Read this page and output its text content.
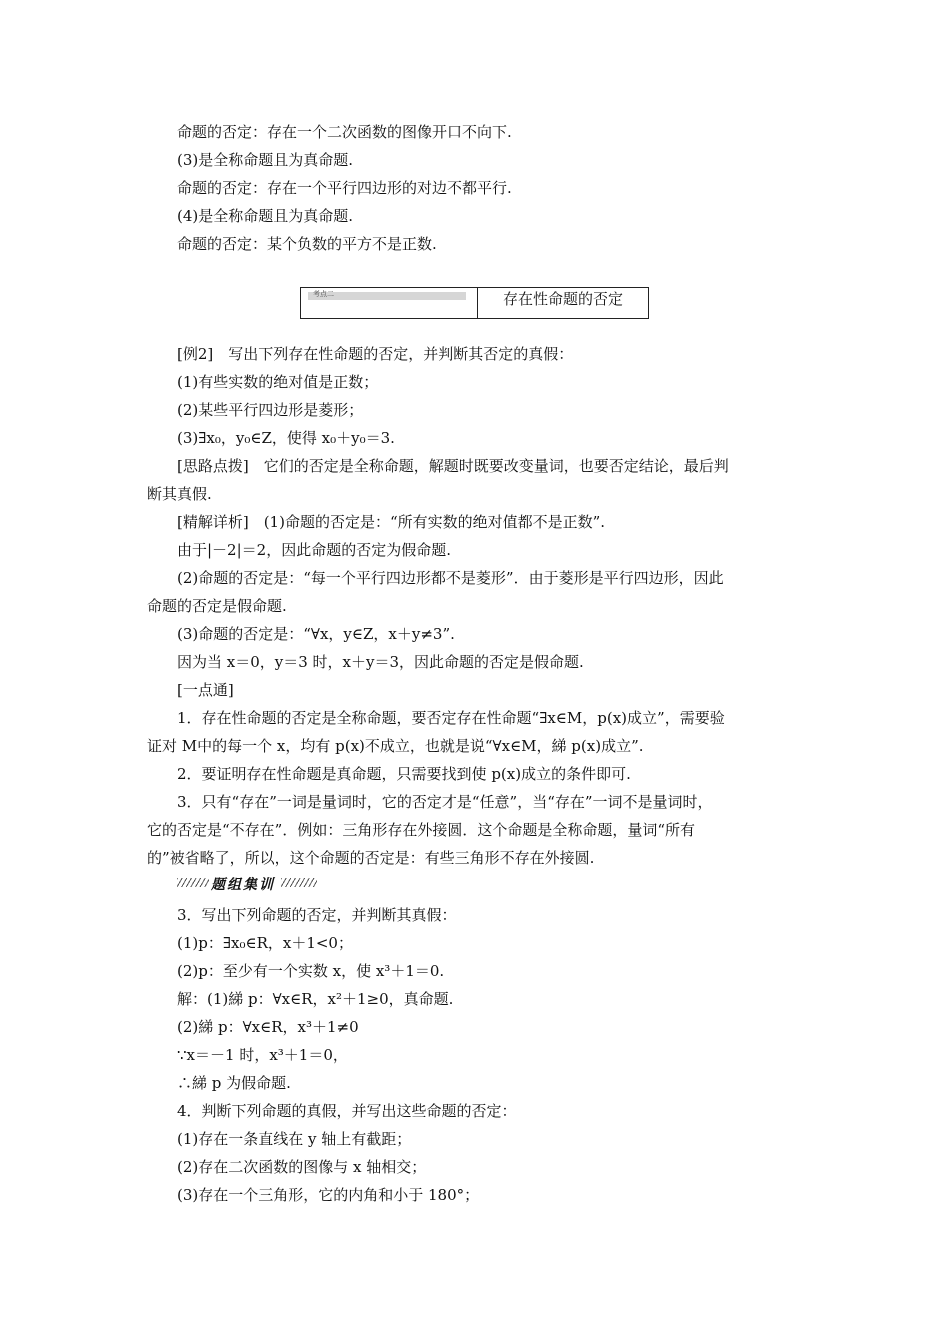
命题的否定：存在一个二次函数的图像开口不向下.
(3)是全称命题且为真命题.
命题的否定：存在一个平行四边形的对边不都平行.
(4)是全称命题且为真命题.
命题的否定：某个负数的平方不是正数.
考点二	存在性命题的否定
[例2]　写出下列存在性命题的否定，并判断其否定的真假：
(1)有些实数的绝对值是正数；
(2)某些平行四边形是菱形；
(3)∃x₀，y₀∈Z，使得 x₀＋y₀＝3.
[思路点拨]　它们的否定是全称命题，解题时既要改变量词，也要否定结论，最后判
断其真假.
[精解详析]　(1)命题的否定是：“所有实数的绝对值都不是正数”.
由于|－2|＝2，因此命题的否定为假命题.
(2)命题的否定是：“每一个平行四边形都不是菱形”．由于菱形是平行四边形，因此
命题的否定是假命题.
(3)命题的否定是：“∀x，y∈Z，x＋y≠3”.
因为当 x＝0，y＝3 时，x＋y＝3，因此命题的否定是假命题.
[一点通]
1．存在性命题的否定是全称命题，要否定存在性命题“∃x∈M，p(x)成立”，需要验
证对 M中的每一个 x，均有 p(x)不成立，也就是说“∀x∈M，綈 p(x)成立”.
2．要证明存在性命题是真命题，只需要找到使 p(x)成立的条件即可.
3．只有“存在”一词是量词时，它的否定才是“任意”，当“存在”一词不是量词时，
它的否定是“不存在”．例如：三角形存在外接圆．这个命题是全称命题，量词“所有
的”被省略了，所以，这个命题的否定是：有些三角形不存在外接圆.
题组集训
3．写出下列命题的否定，并判断其真假：
(1)p：∃x₀∈R，x＋1<0；
(2)p：至少有一个实数 x，使 x³＋1＝0.
解：(1)綈 p：∀x∈R，x²＋1≥0，真命题.
(2)綈 p：∀x∈R，x³＋1≠0
∵x＝－1 时，x³＋1＝0，
∴綈 p 为假命题.
4．判断下列命题的真假，并写出这些命题的否定：
(1)存在一条直线在 y 轴上有截距；
(2)存在二次函数的图像与 x 轴相交；
(3)存在一个三角形，它的内角和小于 180°；
